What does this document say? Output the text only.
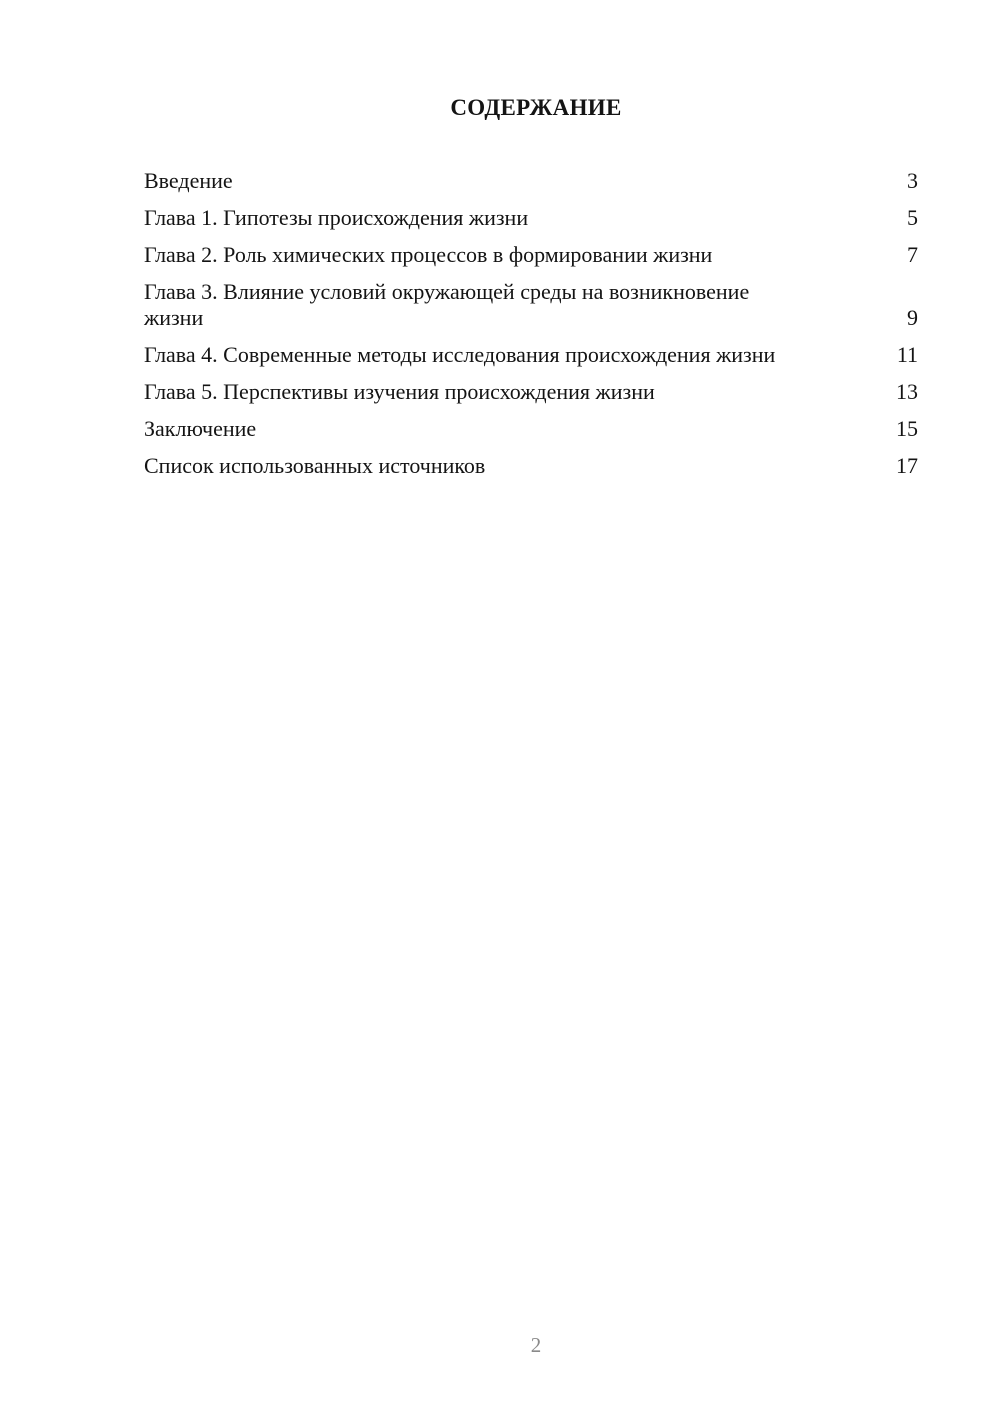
СОДЕРЖАНИЕ
Введение	3
Глава 1. Гипотезы происхождения жизни	5
Глава 2. Роль химических процессов в формировании жизни	7
Глава 3. Влияние условий окружающей среды на возникновение жизни	9
Глава 4. Современные методы исследования происхождения жизни	11
Глава 5. Перспективы изучения происхождения жизни	13
Заключение	15
Список использованных источников	17
2
